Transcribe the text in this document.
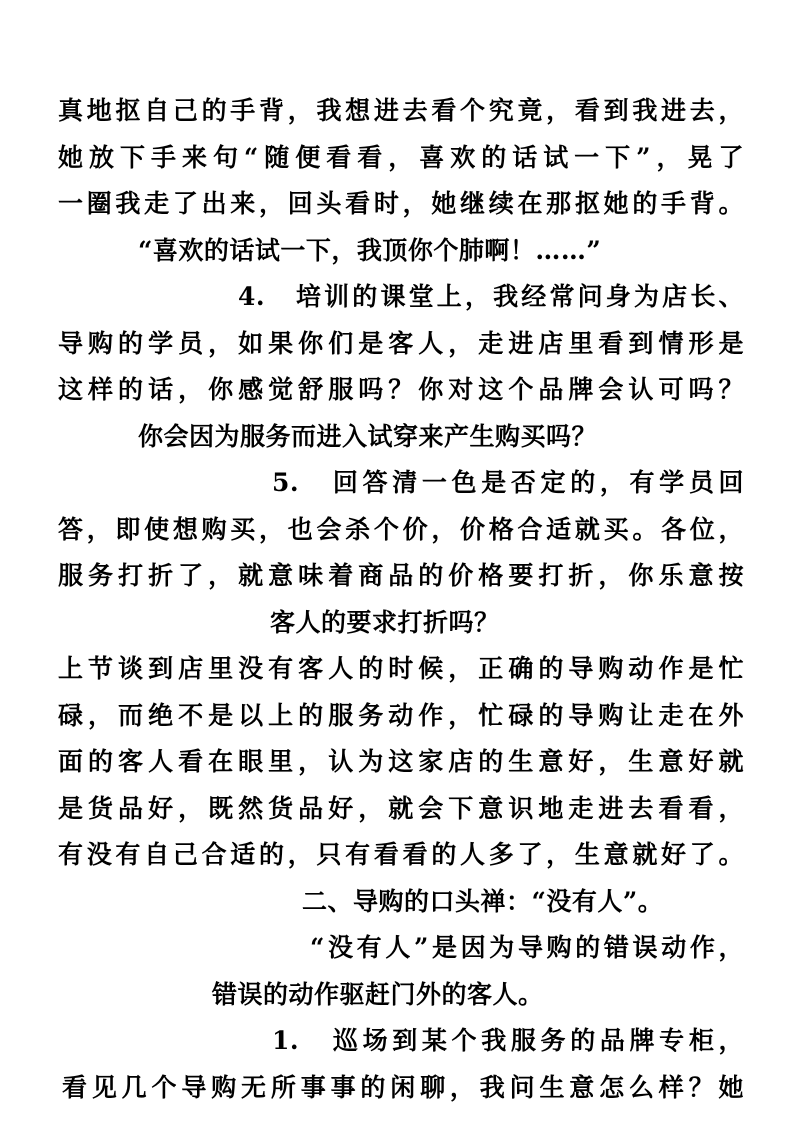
真地抠自己的手背，我想进去看个究竟，看到我进去，
她放下手来句“随便看看，喜欢的话试一下”，晃了
一圈我走了出来，回头看时，她继续在那抠她的手背。
“喜欢的话试一下，我顶你个肺啊！……”
4.　培训的课堂上，我经常问身为店长、
导购的学员，如果你们是客人，走进店里看到情形是
这样的话，你感觉舒服吗？你对这个品牌会认可吗？
你会因为服务而进入试穿来产生购买吗？
5.　回答清一色是否定的，有学员回
答，即使想购买，也会杀个价，价格合适就买。各位，
服务打折了，就意味着商品的价格要打折，你乐意按
客人的要求打折吗？
上节谈到店里没有客人的时候，正确的导购动作是忙
碌，而绝不是以上的服务动作，忙碌的导购让走在外
面的客人看在眼里，认为这家店的生意好，生意好就
是货品好，既然货品好，就会下意识地走进去看看，
有没有自己合适的，只有看看的人多了，生意就好了。
二、导购的口头禅：“没有人”。
“没有人”是因为导购的错误动作，
错误的动作驱赶门外的客人。
1.　巡场到某个我服务的品牌专柜，
看见几个导购无所事事的闲聊，我问生意怎么样？她
